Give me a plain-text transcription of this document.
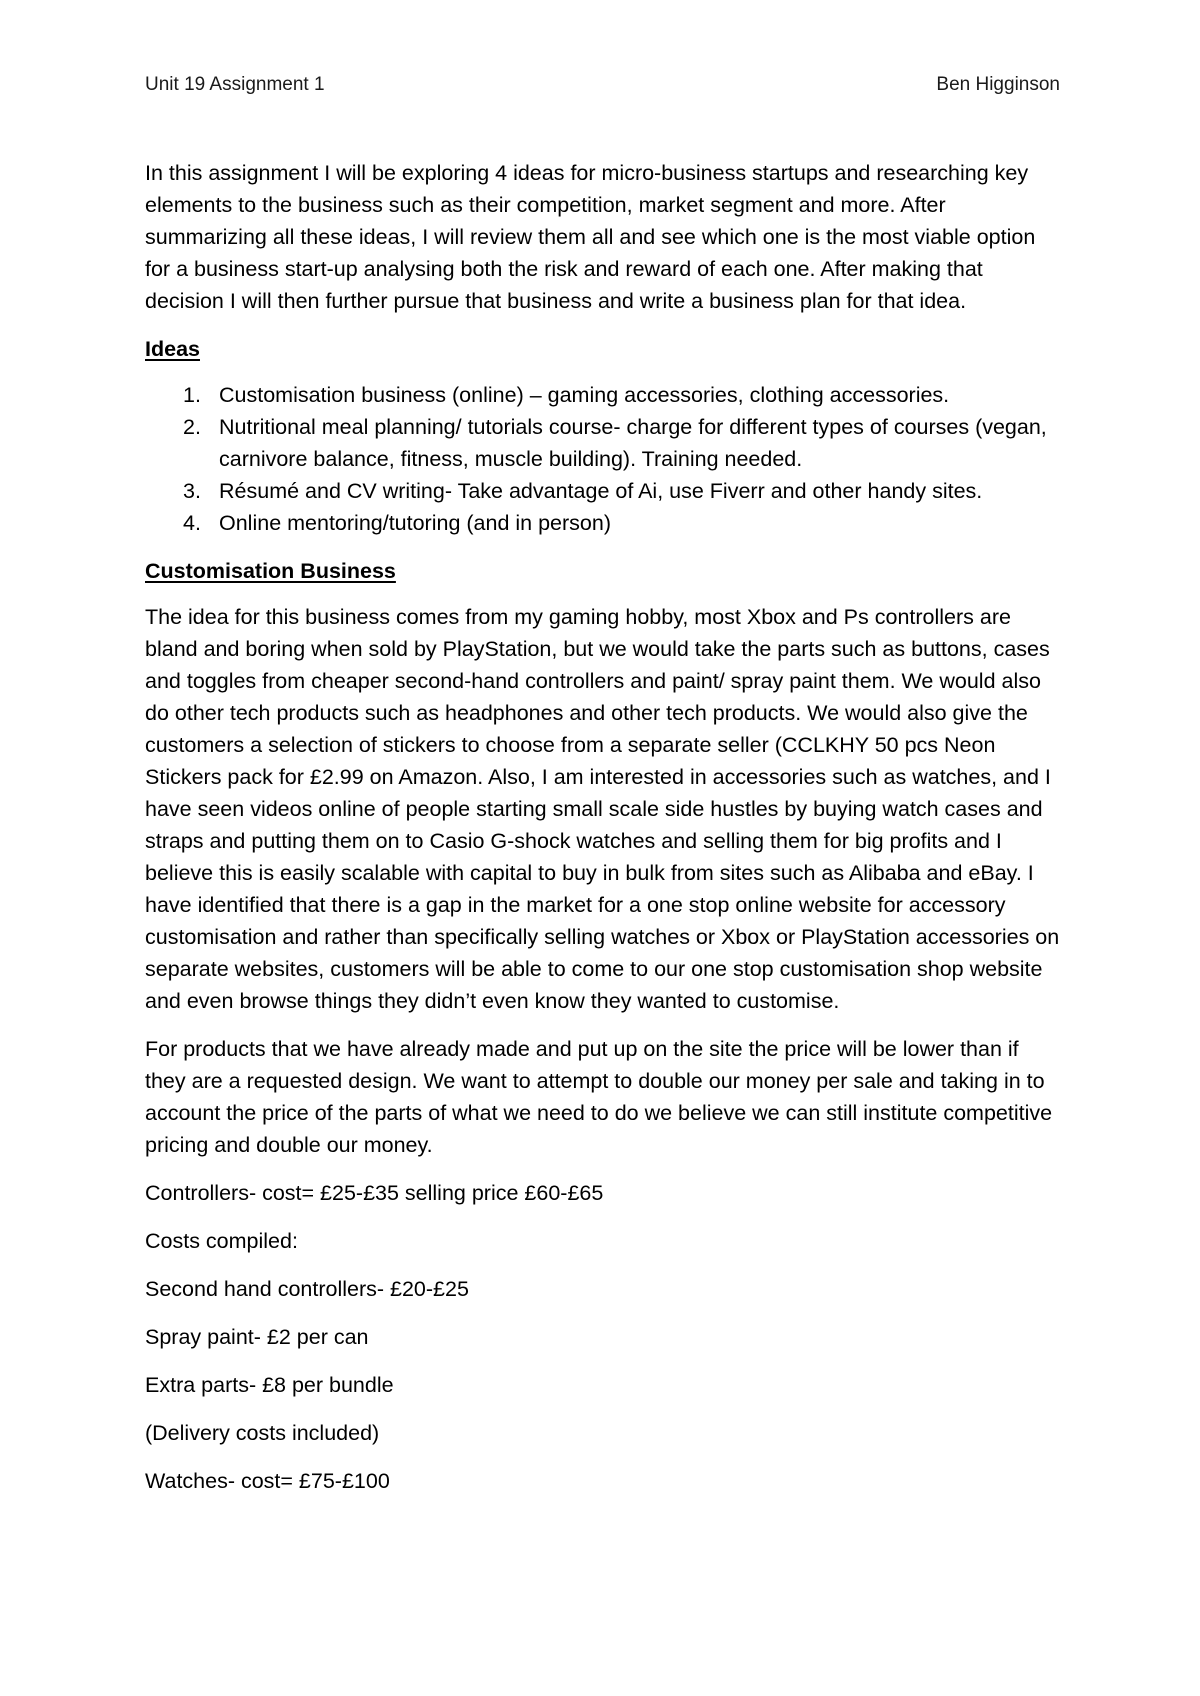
Unit 19 Assignment 1	Ben Higginson

In this assignment I will be exploring 4 ideas for micro-business startups and researching key elements to the business such as their competition, market segment and more. After summarizing all these ideas, I will review them all and see which one is the most viable option for a business start-up analysing both the risk and reward of each one. After making that decision I will then further pursue that business and write a business plan for that idea.

Ideas
1. Customisation business (online) – gaming accessories, clothing accessories.
2. Nutritional meal planning/ tutorials course- charge for different types of courses (vegan, carnivore balance, fitness, muscle building). Training needed.
3. Résumé and CV writing- Take advantage of Ai, use Fiverr and other handy sites.
4. Online mentoring/tutoring (and in person)
Customisation Business

The idea for this business comes from my gaming hobby, most Xbox and Ps controllers are bland and boring when sold by PlayStation, but we would take the parts such as buttons, cases and toggles from cheaper second-hand controllers and paint/ spray paint them. We would also do other tech products such as headphones and other tech products. We would also give the customers a selection of stickers to choose from a separate seller (CCLKHY 50 pcs Neon Stickers pack for £2.99 on Amazon. Also, I am interested in accessories such as watches, and I have seen videos online of people starting small scale side hustles by buying watch cases and straps and putting them on to Casio G-shock watches and selling them for big profits and I believe this is easily scalable with capital to buy in bulk from sites such as Alibaba and eBay. I have identified that there is a gap in the market for a one stop online website for accessory customisation and rather than specifically selling watches or Xbox or PlayStation accessories on separate websites, customers will be able to come to our one stop customisation shop website and even browse things they didn’t even know they wanted to customise.

For products that we have already made and put up on the site the price will be lower than if they are a requested design. We want to attempt to double our money per sale and taking in to account the price of the parts of what we need to do we believe we can still institute competitive pricing and double our money.

Controllers- cost= £25-£35 selling price £60-£65

Costs compiled:

Second hand controllers- £20-£25

Spray paint- £2 per can

Extra parts- £8 per bundle

(Delivery costs included)

Watches- cost= £75-£100
